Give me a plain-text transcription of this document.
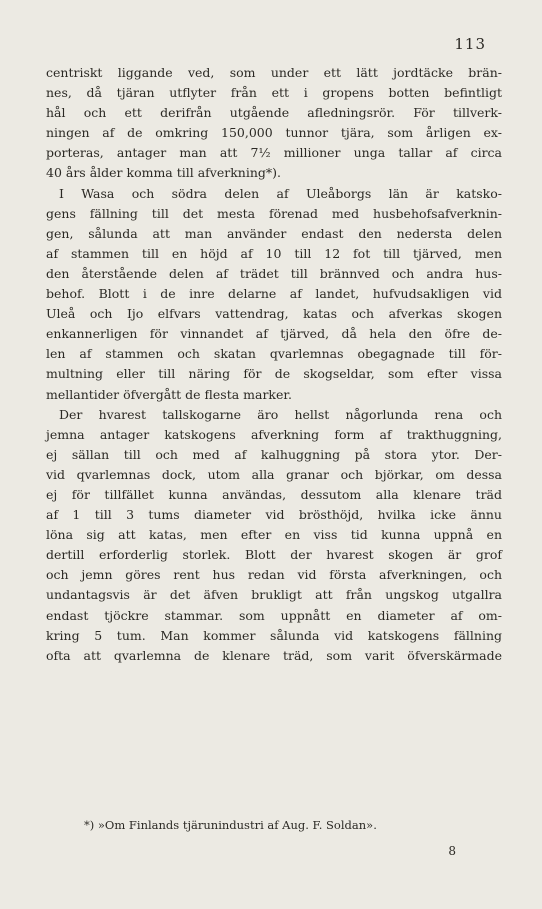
113
centriskt liggande ved, som under ett lätt jordtäcke brän-
nes, då tjäran utflyter från ett i gropens botten befintligt
hål och ett derifrån utgående afledningsrör. För tillverk-
ningen af de omkring 150,000 tunnor tjära, som årligen ex-
porteras, antager man att 7½ millioner unga tallar af circa
40 års ålder komma till afverkning*).
I Wasa och södra delen af Uleåborgs län är katsko-
gens fällning till det mesta förenad med husbehofsafverknin-
gen, sålunda att man använder endast den nedersta delen
af stammen till en höjd af 10 till 12 fot till tjärved, men
den återstående delen af trädet till brännved och andra hus-
behof. Blott i de inre delarne af landet, hufvudsakligen vid
Uleå och Ijo elfvars vattendrag, katas och afverkas skogen
enkannerligen för vinnandet af tjärved, då hela den öfre de-
len af stammen och skatan qvarlemnas obegagnade till för-
multning eller till näring för de skogseldar, som efter vissa
mellantider öfvergått de flesta marker.
Der hvarest tallskogarne äro hellst någorlunda rena och
jemna antager katskogens afverkning form af trakthuggning,
ej sällan till och med af kalhuggning på stora ytor. Der-
vid qvarlemnas dock, utom alla granar och björkar, om dessa
ej för tillfället kunna användas, dessutom alla klenare träd
af 1 till 3 tums diameter vid brösthöjd, hvilka icke ännu
löna sig att katas, men efter en viss tid kunna uppnå en
dertill erforderlig storlek. Blott der hvarest skogen är grof
och jemn göres rent hus redan vid första afverkningen, och
undantagsvis är det äfven brukligt att från ungskog utgallra
endast tjöckre stammar. som uppnått en diameter af om-
kring 5 tum. Man kommer sålunda vid katskogens fällning
ofta att qvarlemna de klenare träd, som varit öfverskärmade
*) »Om Finlands tjärunindustri af Aug. F. Soldan».
8
